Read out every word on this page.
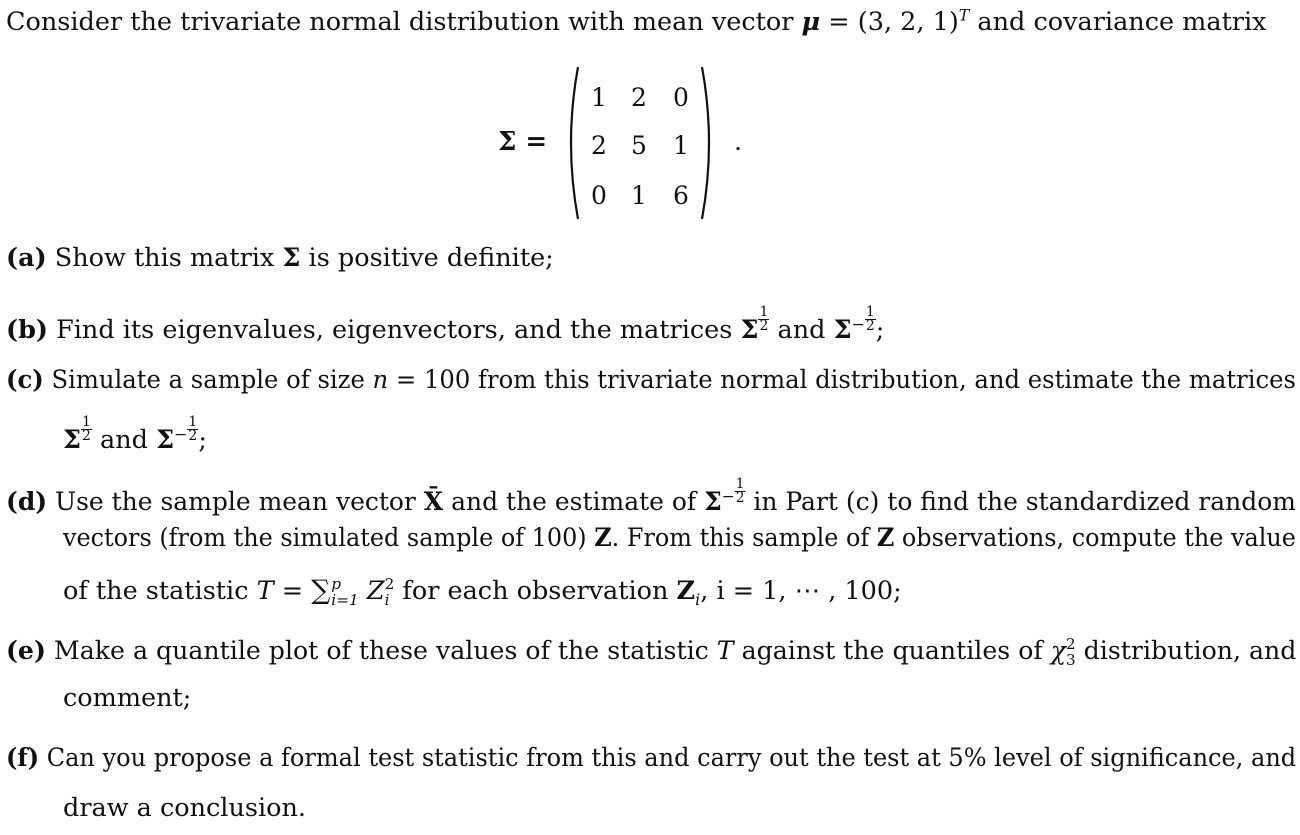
Consider the trivariate normal distribution with mean vector μ = (3, 2, 1)$^T$ and covariance matrix
Σ =
1 2	0
2 5	1
0 1	6
.
(a) Show this matrix Σ is positive definite;
(b) Find its eigenvalues, eigenvectors, and the matrices Σ $\frac{1}{2}$ and $\Sigma^- \frac{1}{2}$ ;
(c) Simulate a sample of size n = 100 from this trivariate normal distribution, and estimate the matrices
Σ $\frac{1}{2}$ and $\Sigma^- \frac{1}{2}$ ;
(d) Use the sample mean vector X̄ and the estimate of $\Sigma^- \frac{1}{2}$ in Part (c) to find the standardized random
vectors (from the simulated sample of 100) Z. From this sample of Z observations, compute the value
of the statistic T = ∑ p
i=1 Z 2
i for each observation $Z_i$, i = 1, ⋯ , 100;
(e) Make a quantile plot of these values of the statistic T against the quantiles of χ 2
3 distribution, and
comment;
(f) Can you propose a formal test statistic from this and carry out the test at 5% level of significance, and
draw a conclusion.
